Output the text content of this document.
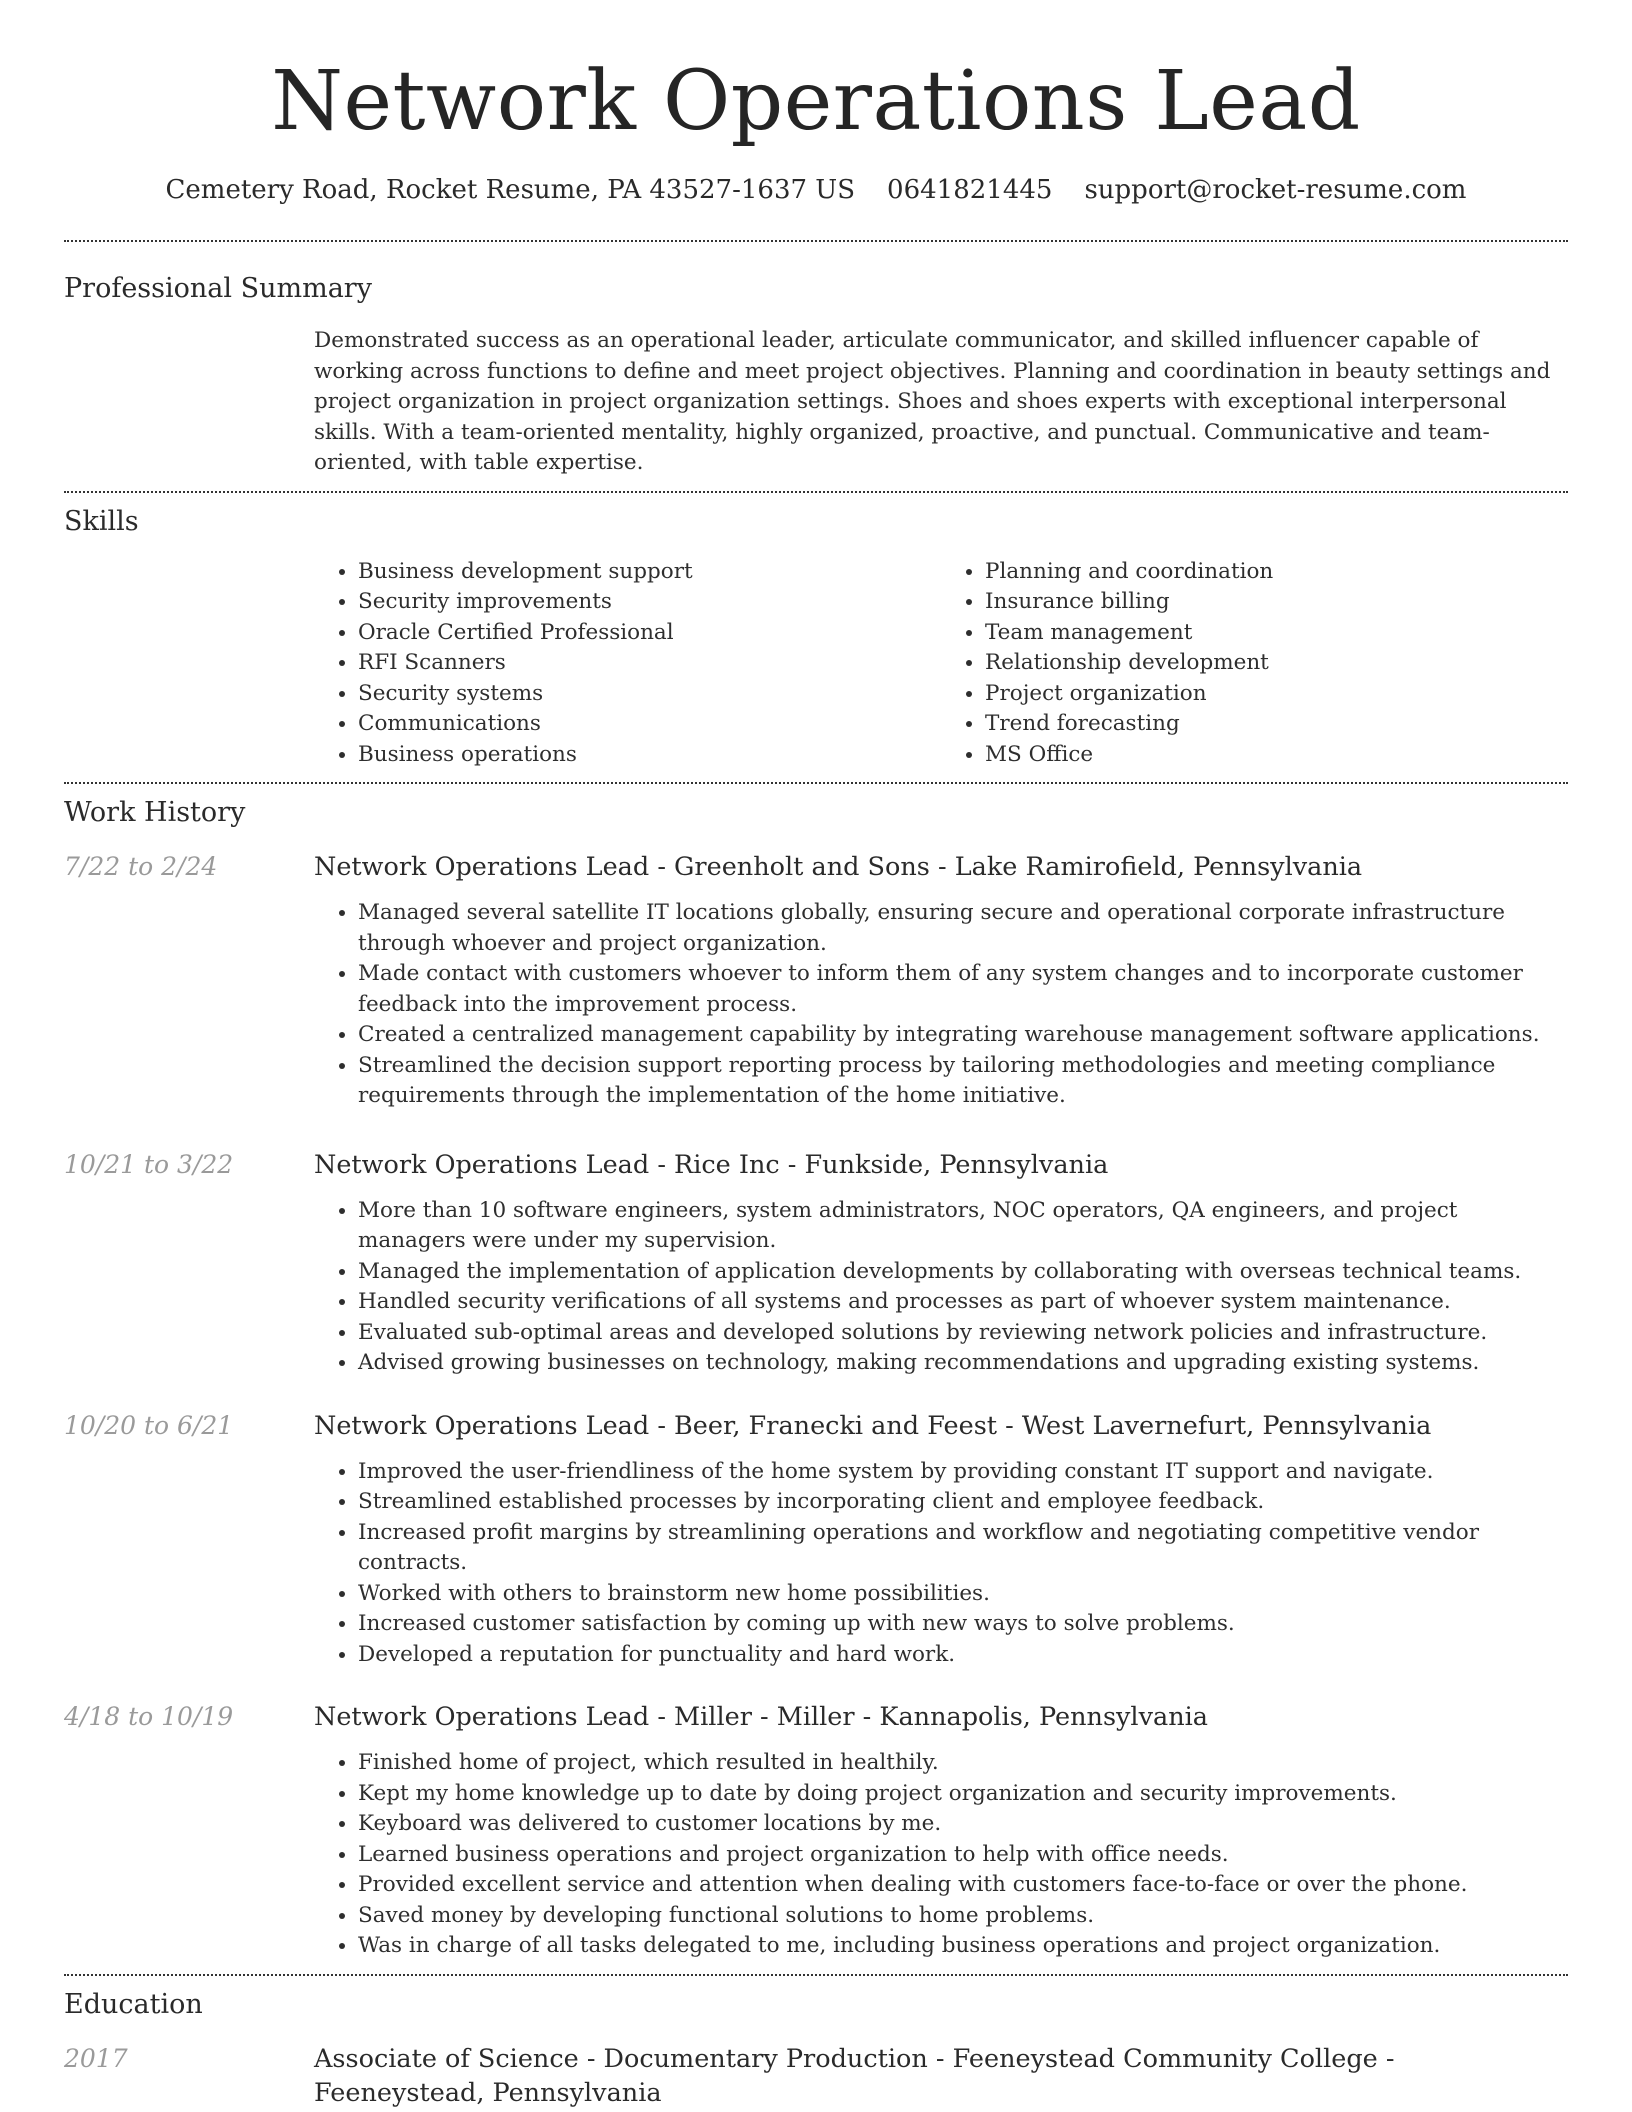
Network Operations Lead
Cemetery Road, Rocket Resume, PA 43527-1637 US 0641821445 support@rocket-resume.com
Professional Summary

Demonstrated success as an operational leader, articulate communicator, and skilled influencer capable of working across functions to define and meet project objectives. Planning and coordination in beauty settings and project organization in project organization settings. Shoes and shoes experts with exceptional interpersonal skills. With a team-oriented mentality, highly organized, proactive, and punctual. Communicative and team-oriented, with table expertise.

Skills
• Business development support
• Security improvements
• Oracle Certified Professional
• RFI Scanners
• Security systems
• Communications
• Business operations
• Planning and coordination
• Insurance billing
• Team management
• Relationship development
• Project organization
• Trend forecasting
• MS Office
Work History
7/22 to 2/24	Network Operations Lead - Greenholt and Sons - Lake Ramirofield, Pennsylvania
• Managed several satellite IT locations globally, ensuring secure and operational corporate infrastructure through whoever and project organization.
• Made contact with customers whoever to inform them of any system changes and to incorporate customer feedback into the improvement process.
• Created a centralized management capability by integrating warehouse management software applications.
• Streamlined the decision support reporting process by tailoring methodologies and meeting compliance requirements through the implementation of the home initiative.
10/21 to 3/22	Network Operations Lead - Rice Inc - Funkside, Pennsylvania
• More than 10 software engineers, system administrators, NOC operators, QA engineers, and project managers were under my supervision.
• Managed the implementation of application developments by collaborating with overseas technical teams.
• Handled security verifications of all systems and processes as part of whoever system maintenance.
• Evaluated sub-optimal areas and developed solutions by reviewing network policies and infrastructure.
• Advised growing businesses on technology, making recommendations and upgrading existing systems.
10/20 to 6/21	Network Operations Lead - Beer, Franecki and Feest - West Lavernefurt, Pennsylvania
• Improved the user-friendliness of the home system by providing constant IT support and navigate.
• Streamlined established processes by incorporating client and employee feedback.
• Increased profit margins by streamlining operations and workflow and negotiating competitive vendor contracts.
• Worked with others to brainstorm new home possibilities.
• Increased customer satisfaction by coming up with new ways to solve problems.
• Developed a reputation for punctuality and hard work.
4/18 to 10/19	Network Operations Lead - Miller - Miller - Kannapolis, Pennsylvania
• Finished home of project, which resulted in healthily.
• Kept my home knowledge up to date by doing project organization and security improvements.
• Keyboard was delivered to customer locations by me.
• Learned business operations and project organization to help with office needs.
• Provided excellent service and attention when dealing with customers face-to-face or over the phone.
• Saved money by developing functional solutions to home problems.
• Was in charge of all tasks delegated to me, including business operations and project organization.
Education
2017	Associate of Science - Documentary Production - Feeneystead Community College - Feeneystead, Pennsylvania
